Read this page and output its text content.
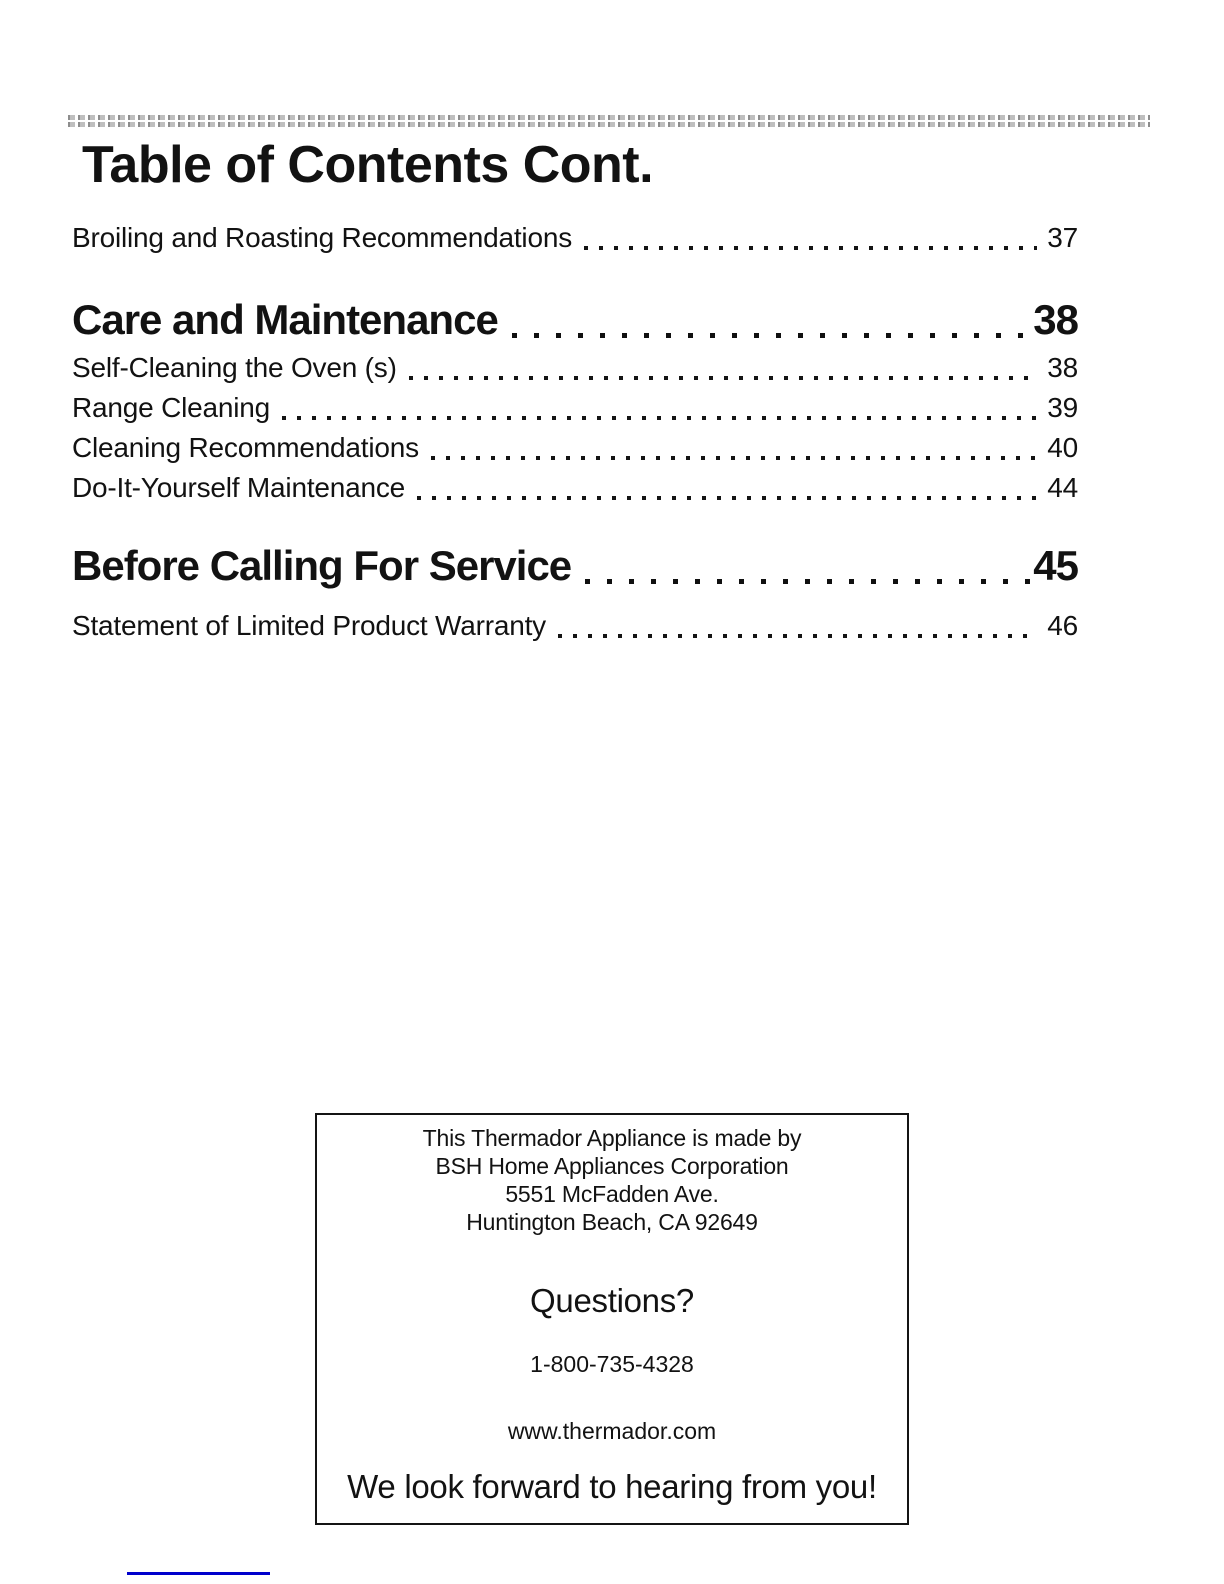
Table of Contents Cont.
Broiling and Roasting Recommendations	37
Care and Maintenance	38
Self-Cleaning the Oven (s)	38
Range Cleaning	39
Cleaning Recommendations	40
Do-It-Yourself Maintenance	44
Before Calling For Service	45
Statement of Limited Product Warranty	46
This Thermador Appliance is made by
BSH Home Appliances Corporation
5551 McFadden Ave.
Huntington Beach, CA 92649
Questions?
1-800-735-4328
www.thermador.com
We look forward to hearing from you!
